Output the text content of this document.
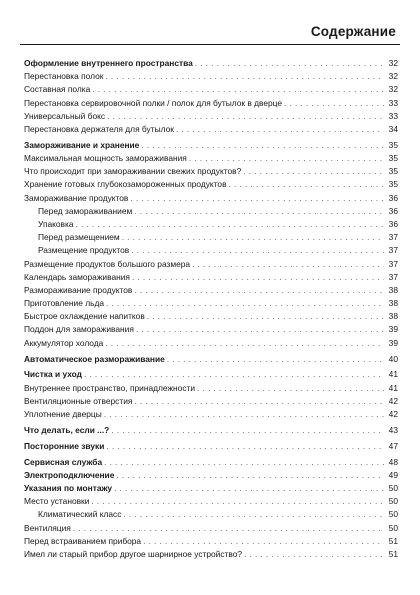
Содержание
Оформление внутреннего пространства . . .	32
Перестановка полок . . .	32
Составная полка . . .	32
Перестановка сервировочной полки / полок для бутылок в дверце . . .	33
Универсальный бокс . . .	33
Перестановка держателя для бутылок . . .	34
Замораживание и хранение . . .	35
Максимальная мощность замораживания . . .	35
Что происходит при замораживании свежих продуктов? . . .	35
Хранение готовых глубокозамороженных продуктов . . .	35
Замораживание продуктов . . .	36
Перед замораживанием . . .	36
Упаковка . . .	36
Перед размещением . . .	37
Размещение продуктов . . .	37
Размещение продуктов большого размера . . .	37
Календарь замораживания . . .	37
Размораживание продуктов . . .	38
Приготовление льда . . .	38
Быстрое охлаждение напитков . . .	38
Поддон для замораживания . . .	39
Аккумулятор холода . . .	39
Автоматическое размораживание . . .	40
Чистка и уход . . .	41
Внутреннее пространство, принадлежности . . .	41
Вентиляционные отверстия . . .	42
Уплотнение дверцы . . .	42
Что делать, если ...? . . .	43
Посторонние звуки . . .	47
Сервисная служба . . .	48
Электроподключение . . .	49
Указания по монтажу . . .	50
Место установки . . .	50
Климатический класс . . .	50
Вентиляция . . .	50
Перед встраиванием прибора . . .	51
Имел ли старый прибор другое шарнирное устройство? . . .	51
